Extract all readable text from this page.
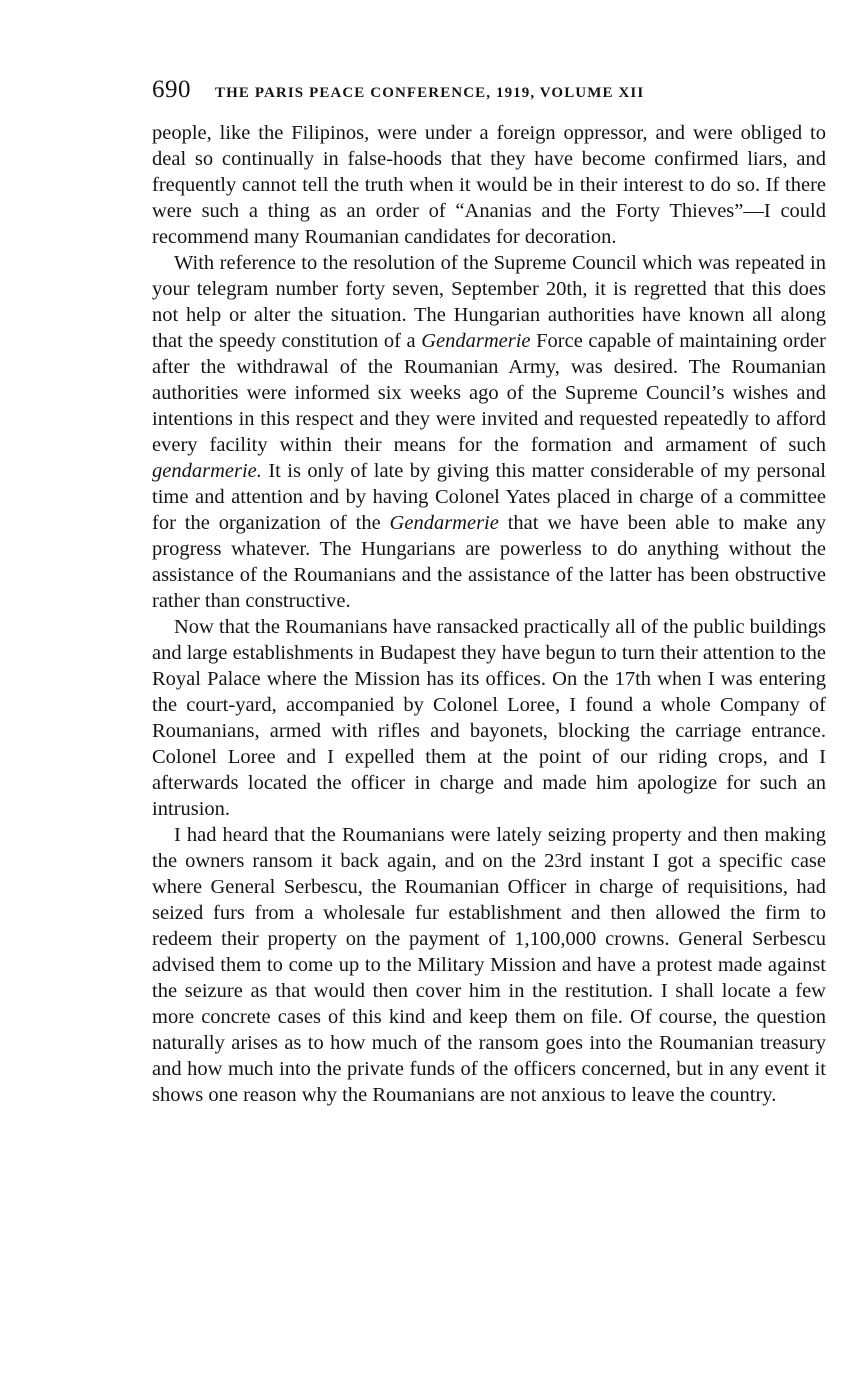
690 THE PARIS PEACE CONFERENCE, 1919, VOLUME XII

people, like the Filipinos, were under a foreign oppressor, and were obliged to deal so continually in false-hoods that they have become confirmed liars, and frequently cannot tell the truth when it would be in their interest to do so. If there were such a thing as an order of “Ananias and the Forty Thieves”—I could recommend many Roumanian candidates for decoration.

With reference to the resolution of the Supreme Council which was repeated in your telegram number forty seven, September 20th, it is regretted that this does not help or alter the situation. The Hungarian authorities have known all along that the speedy constitution of a Gendarmerie Force capable of maintaining order after the withdrawal of the Roumanian Army, was desired. The Roumanian authorities were informed six weeks ago of the Supreme Council’s wishes and intentions in this respect and they were invited and requested repeatedly to afford every facility within their means for the formation and armament of such gendarmerie. It is only of late by giving this matter considerable of my personal time and attention and by having Colonel Yates placed in charge of a committee for the organization of the Gendarmerie that we have been able to make any progress whatever. The Hungarians are powerless to do anything without the assistance of the Roumanians and the assistance of the latter has been obstructive rather than constructive.

Now that the Roumanians have ransacked practically all of the public buildings and large establishments in Budapest they have begun to turn their attention to the Royal Palace where the Mission has its offices. On the 17th when I was entering the court-yard, accompanied by Colonel Loree, I found a whole Company of Roumanians, armed with rifles and bayonets, blocking the carriage entrance. Colonel Loree and I expelled them at the point of our riding crops, and I afterwards located the officer in charge and made him apologize for such an intrusion.

I had heard that the Roumanians were lately seizing property and then making the owners ransom it back again, and on the 23rd instant I got a specific case where General Serbescu, the Roumanian Officer in charge of requisitions, had seized furs from a wholesale fur establishment and then allowed the firm to redeem their property on the payment of 1,100,000 crowns. General Serbescu advised them to come up to the Military Mission and have a protest made against the seizure as that would then cover him in the restitution. I shall locate a few more concrete cases of this kind and keep them on file. Of course, the question naturally arises as to how much of the ransom goes into the Roumanian treasury and how much into the private funds of the officers concerned, but in any event it shows one reason why the Roumanians are not anxious to leave the country.
